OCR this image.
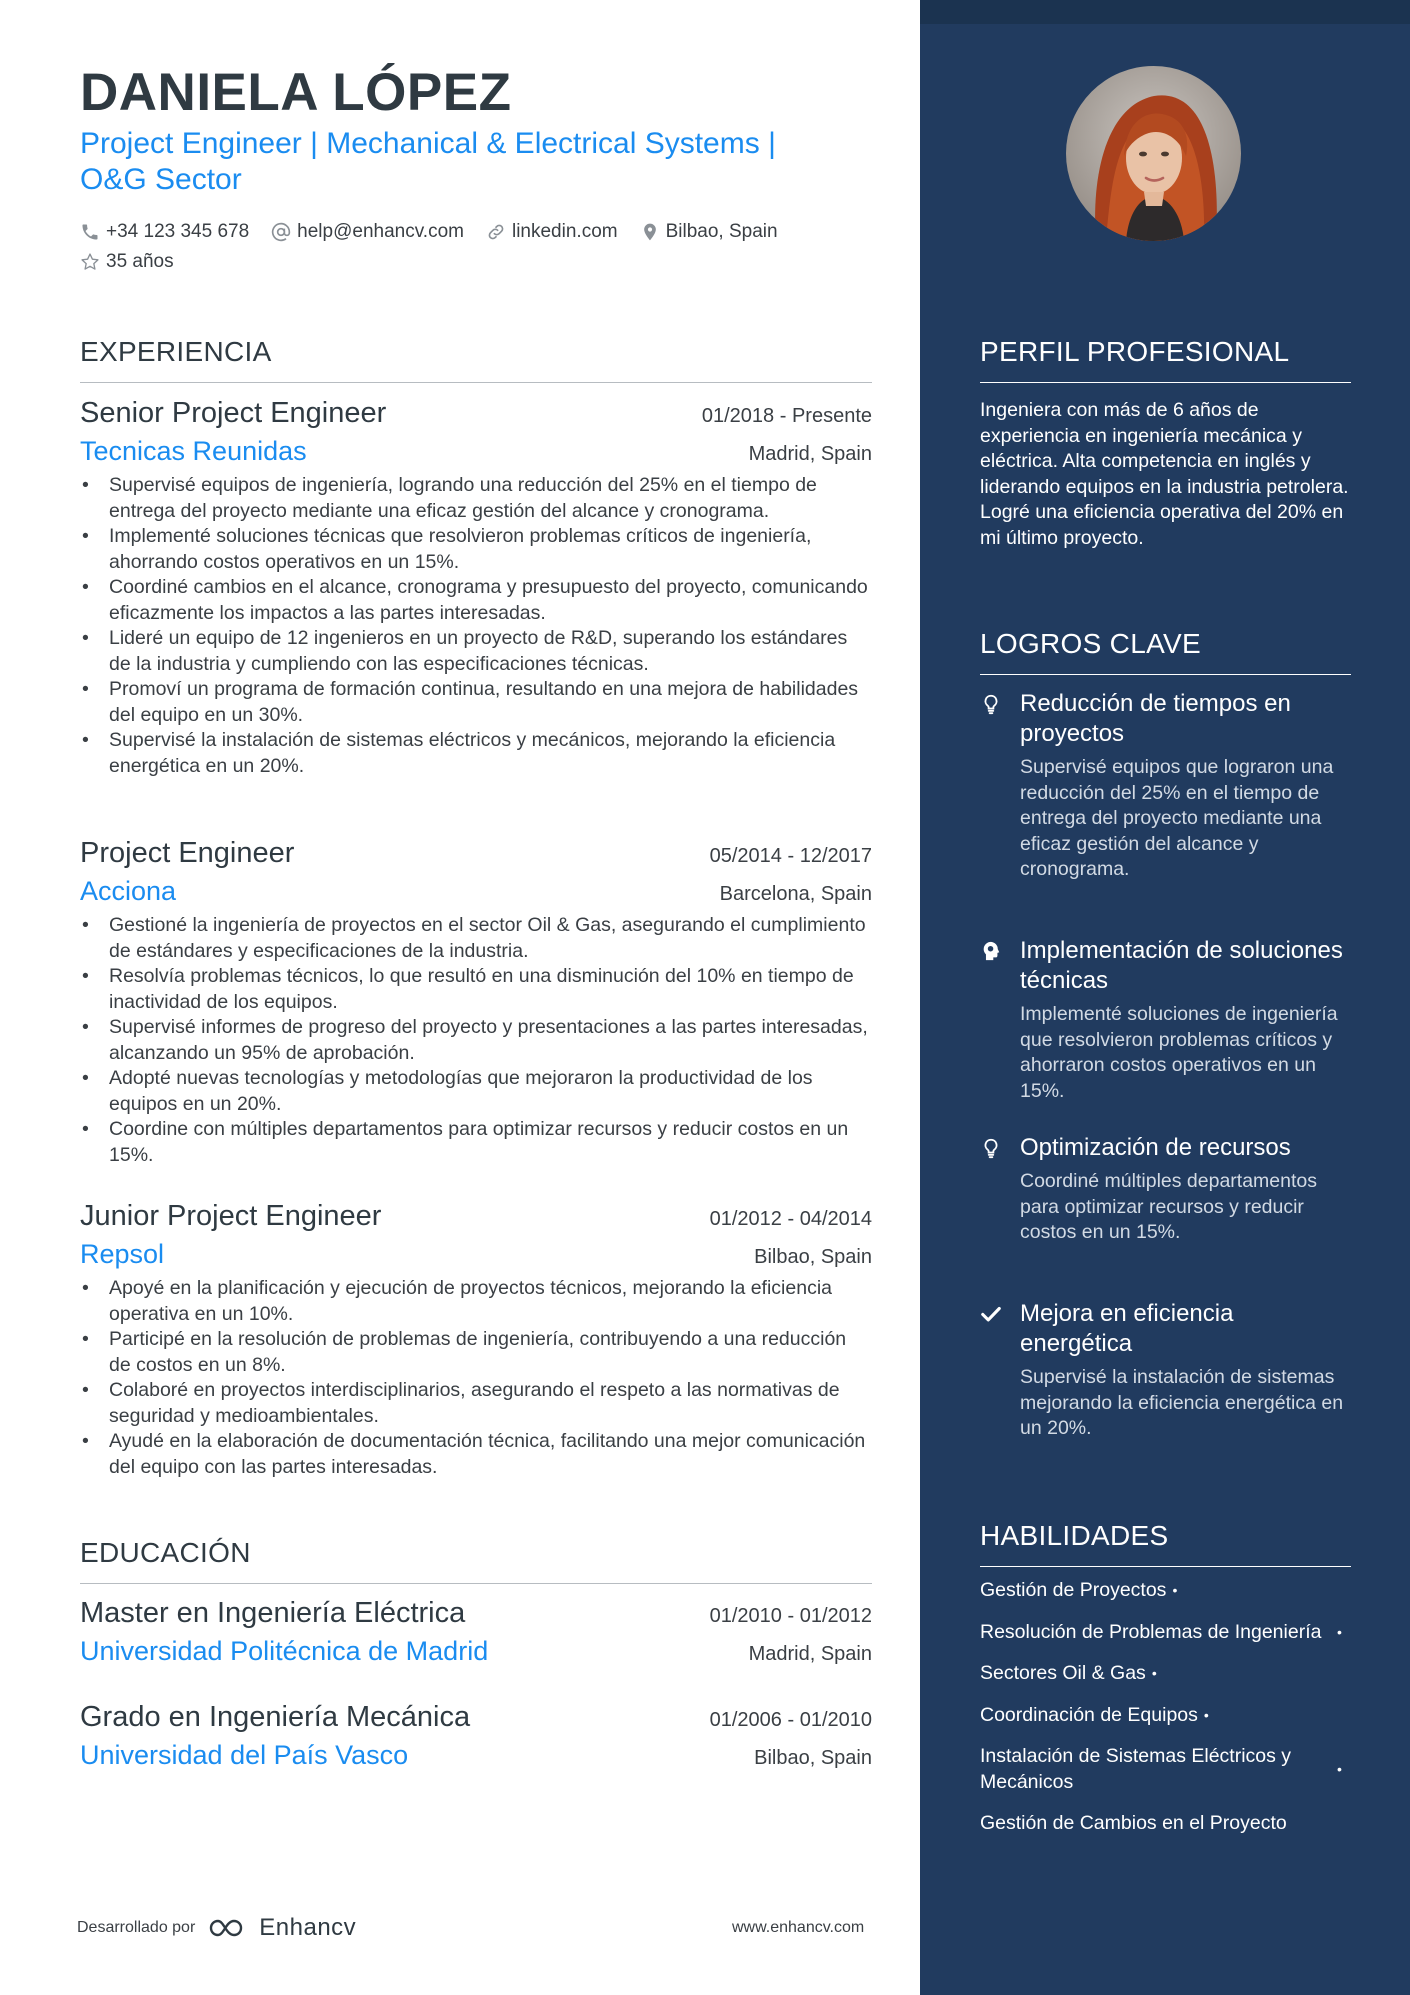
DANIELA LÓPEZ
Project Engineer | Mechanical & Electrical Systems | O&G Sector
+34 123 345 678	help@enhancv.com	linkedin.com	Bilbao, Spain
35 años
EXPERIENCIA
Senior Project Engineer	01/2018 - Presente
Tecnicas Reunidas	Madrid, Spain
• Supervisé equipos de ingeniería, logrando una reducción del 25% en el tiempo de entrega del proyecto mediante una eficaz gestión del alcance y cronograma.
• Implementé soluciones técnicas que resolvieron problemas críticos de ingeniería, ahorrando costos operativos en un 15%.
• Coordiné cambios en el alcance, cronograma y presupuesto del proyecto, comunicando eficazmente los impactos a las partes interesadas.
• Lideré un equipo de 12 ingenieros en un proyecto de R&D, superando los estándares de la industria y cumpliendo con las especificaciones técnicas.
• Promoví un programa de formación continua, resultando en una mejora de habilidades del equipo en un 30%.
• Supervisé la instalación de sistemas eléctricos y mecánicos, mejorando la eficiencia energética en un 20%.
Project Engineer	05/2014 - 12/2017
Acciona	Barcelona, Spain
• Gestioné la ingeniería de proyectos en el sector Oil & Gas, asegurando el cumplimiento de estándares y especificaciones de la industria.
• Resolvía problemas técnicos, lo que resultó en una disminución del 10% en tiempo de inactividad de los equipos.
• Supervisé informes de progreso del proyecto y presentaciones a las partes interesadas, alcanzando un 95% de aprobación.
• Adopté nuevas tecnologías y metodologías que mejoraron la productividad de los equipos en un 20%.
• Coordine con múltiples departamentos para optimizar recursos y reducir costos en un 15%.
Junior Project Engineer	01/2012 - 04/2014
Repsol	Bilbao, Spain
• Apoyé en la planificación y ejecución de proyectos técnicos, mejorando la eficiencia operativa en un 10%.
• Participé en la resolución de problemas de ingeniería, contribuyendo a una reducción de costos en un 8%.
• Colaboré en proyectos interdisciplinarios, asegurando el respeto a las normativas de seguridad y medioambientales.
• Ayudé en la elaboración de documentación técnica, facilitando una mejor comunicación del equipo con las partes interesadas.
EDUCACIÓN
Master en Ingeniería Eléctrica	01/2010 - 01/2012
Universidad Politécnica de Madrid	Madrid, Spain
Grado en Ingeniería Mecánica	01/2006 - 01/2010
Universidad del País Vasco	Bilbao, Spain
Desarrollado por	Enhancv	www.enhancv.com
PERFIL PROFESIONAL
Ingeniera con más de 6 años de experiencia en ingeniería mecánica y eléctrica. Alta competencia en inglés y liderando equipos en la industria petrolera. Logré una eficiencia operativa del 20% en mi último proyecto.
LOGROS CLAVE
Reducción de tiempos en proyectos
Supervisé equipos que lograron una reducción del 25% en el tiempo de entrega del proyecto mediante una eficaz gestión del alcance y cronograma.
Implementación de soluciones técnicas
Implementé soluciones de ingeniería que resolvieron problemas críticos y ahorraron costos operativos en un 15%.
Optimización de recursos
Coordiné múltiples departamentos para optimizar recursos y reducir costos en un 15%.
Mejora en eficiencia energética
Supervisé la instalación de sistemas mejorando la eficiencia energética en un 20%.
HABILIDADES
Gestión de Proyectos •
Resolución de Problemas de Ingeniería •
Sectores Oil & Gas •
Coordinación de Equipos •
Instalación de Sistemas Eléctricos y Mecánicos
•
Gestión de Cambios en el Proyecto
